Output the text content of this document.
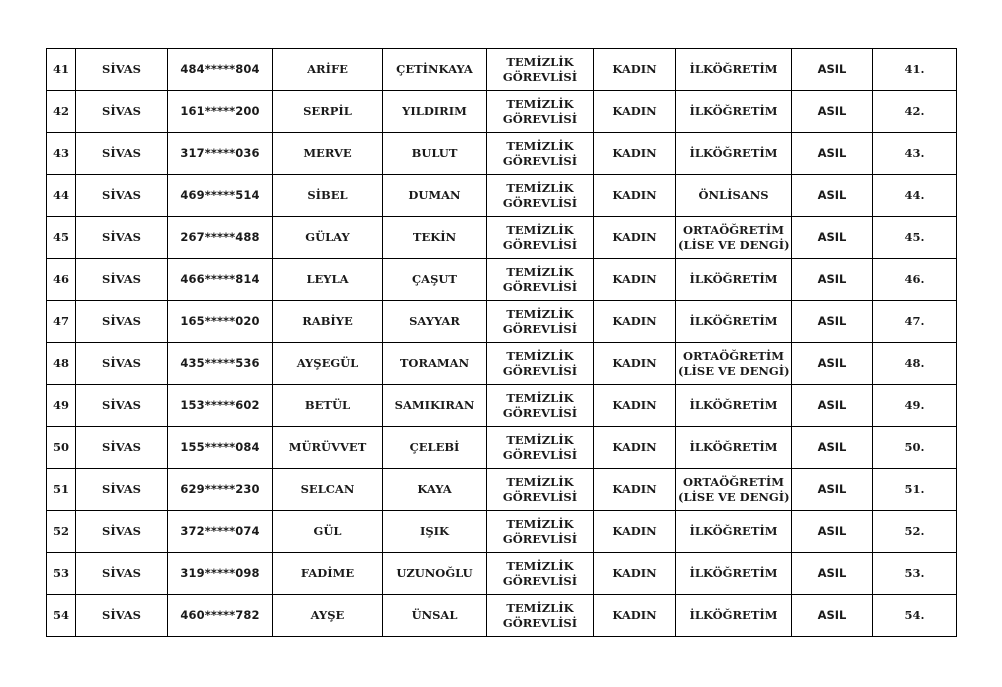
41	SİVAS	484*****804	ARİFE	ÇETİNKAYA	TEMİZLİK
GÖREVLİSİ	KADIN	İLKÖĞRETİM	ASIL	41.
42	SİVAS	161*****200	SERPİL	YILDIRIM	TEMİZLİK
GÖREVLİSİ	KADIN	İLKÖĞRETİM	ASIL	42.
43	SİVAS	317*****036	MERVE	BULUT	TEMİZLİK
GÖREVLİSİ	KADIN	İLKÖĞRETİM	ASIL	43.
44	SİVAS	469*****514	SİBEL	DUMAN	TEMİZLİK
GÖREVLİSİ	KADIN	ÖNLİSANS	ASIL	44.
45	SİVAS	267*****488	GÜLAY	TEKİN	TEMİZLİK
GÖREVLİSİ	KADIN	ORTAÖĞRETİM
(LİSE VE DENGİ)	ASIL	45.
46	SİVAS	466*****814	LEYLA	ÇAŞUT	TEMİZLİK
GÖREVLİSİ	KADIN	İLKÖĞRETİM	ASIL	46.
47	SİVAS	165*****020	RABİYE	SAYYAR	TEMİZLİK
GÖREVLİSİ	KADIN	İLKÖĞRETİM	ASIL	47.
48	SİVAS	435*****536	AYŞEGÜL	TORAMAN	TEMİZLİK
GÖREVLİSİ	KADIN	ORTAÖĞRETİM
(LİSE VE DENGİ)	ASIL	48.
49	SİVAS	153*****602	BETÜL	SAMIKIRAN	TEMİZLİK
GÖREVLİSİ	KADIN	İLKÖĞRETİM	ASIL	49.
50	SİVAS	155*****084	MÜRÜVVET	ÇELEBİ	TEMİZLİK
GÖREVLİSİ	KADIN	İLKÖĞRETİM	ASIL	50.
51	SİVAS	629*****230	SELCAN	KAYA	TEMİZLİK
GÖREVLİSİ	KADIN	ORTAÖĞRETİM
(LİSE VE DENGİ)	ASIL	51.
52	SİVAS	372*****074	GÜL	IŞIK	TEMİZLİK
GÖREVLİSİ	KADIN	İLKÖĞRETİM	ASIL	52.
53	SİVAS	319*****098	FADİME	UZUNOĞLU	TEMİZLİK
GÖREVLİSİ	KADIN	İLKÖĞRETİM	ASIL	53.
54	SİVAS	460*****782	AYŞE	ÜNSAL	TEMİZLİK
GÖREVLİSİ	KADIN	İLKÖĞRETİM	ASIL	54.
